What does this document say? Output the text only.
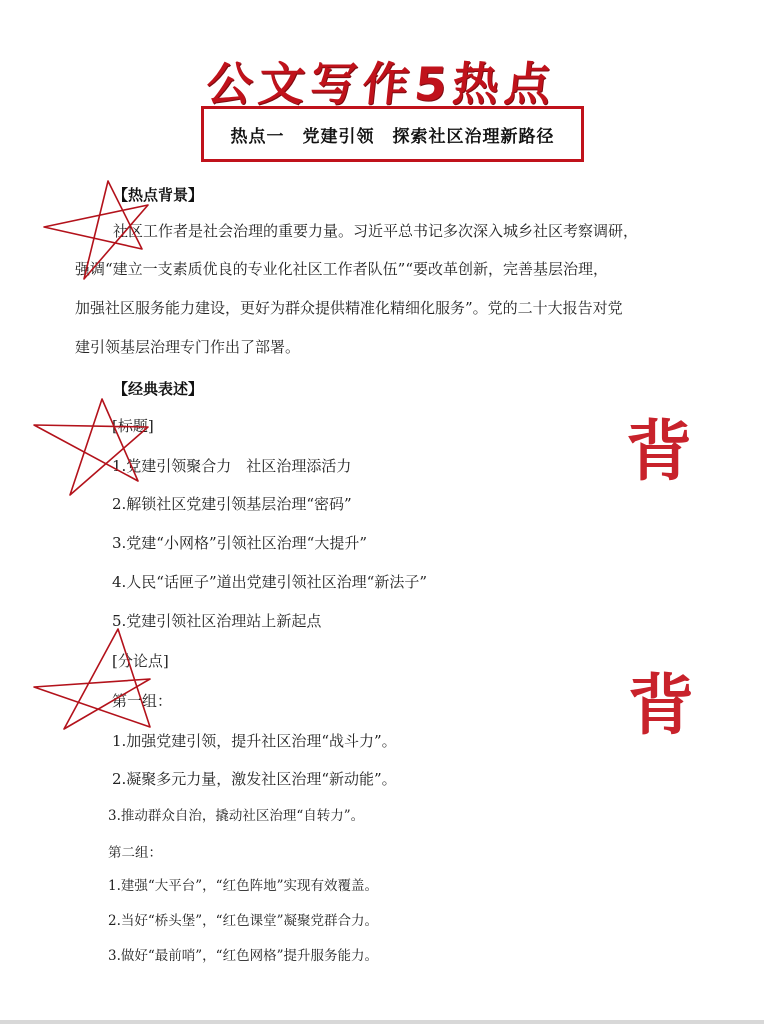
公文写作5热点
热点一　党建引领　探索社区治理新路径
【热点背景】
社区工作者是社会治理的重要力量。习近平总书记多次深入城乡社区考察调研，
强调“建立一支素质优良的专业化社区工作者队伍”“要改革创新，完善基层治理，
加强社区服务能力建设，更好为群众提供精准化精细化服务”。党的二十大报告对党
建引领基层治理专门作出了部署。
【经典表述】
[标题]
1.党建引领聚合力　社区治理添活力
2.解锁社区党建引领基层治理“密码”
3.党建“小网格”引领社区治理“大提升”
4.人民“话匣子”道出党建引领社区治理“新法子”
5.党建引领社区治理站上新起点
[分论点]
第一组：
1.加强党建引领，提升社区治理“战斗力”。
2.凝聚多元力量，激发社区治理“新动能”。
3.推动群众自治，撬动社区治理“自转力”。
第二组：
1.建强“大平台”，“红色阵地”实现有效覆盖。
2.当好“桥头堡”，“红色课堂”凝聚党群合力。
3.做好“最前哨”，“红色网格”提升服务能力。
背
背
